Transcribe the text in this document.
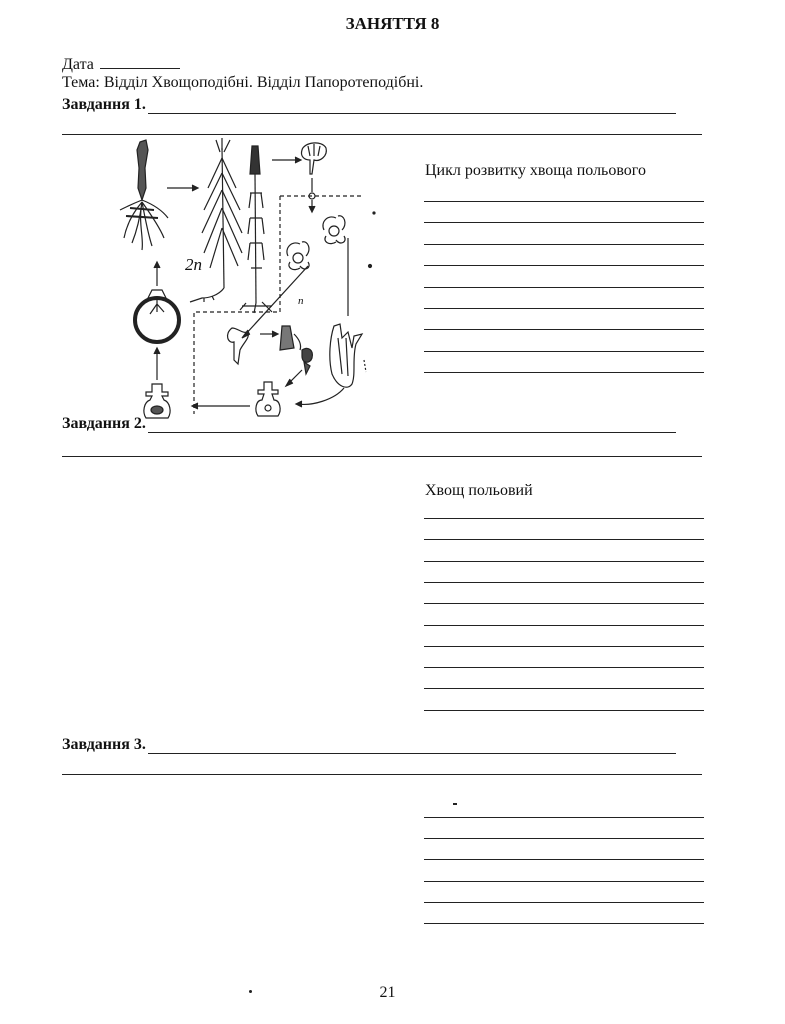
ЗАНЯТТЯ 8
Дата
Тема: Відділ Хвощоподібні. Відділ Папоротеподібні.
Завдання 1.
Цикл розвитку хвоща польового
2n
n
Завдання 2.
Хвощ польовий
Завдання 3.
21
